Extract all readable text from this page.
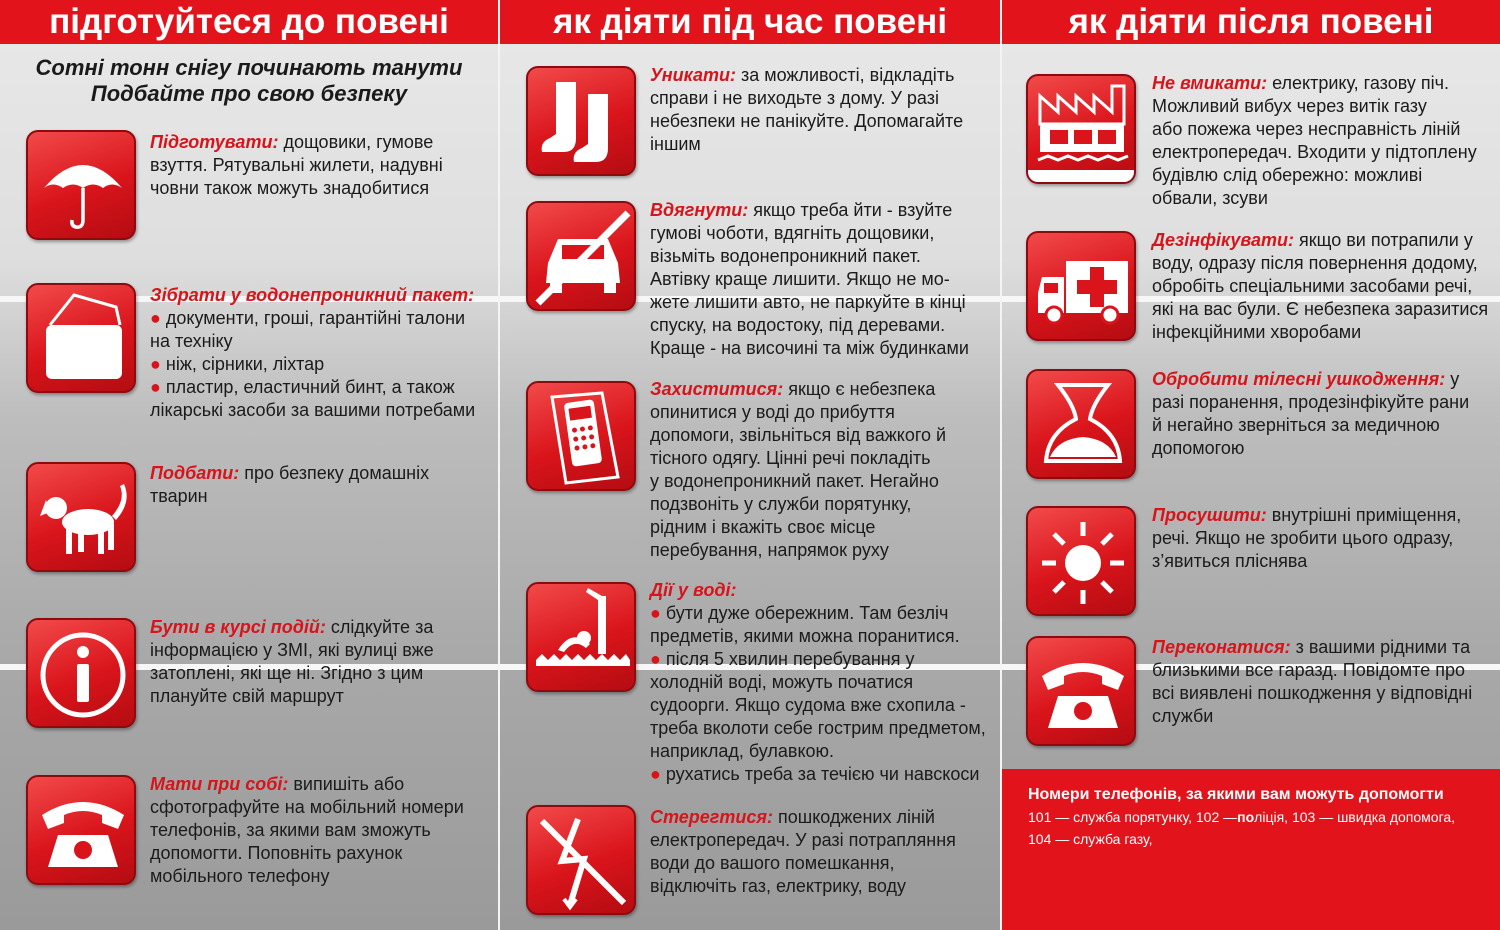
підготуйтеся до повені
Сотні тонн снігу починають танути
Подбайте про свою безпеку
Підготувати: дощовики, гумове
взуття. Рятувальні жилети, надувні
човни також можуть знадобитися
Зібрати у водонепроникний пакет:
● документи, гроші, гарантійні талони
на техніку
● ніж, сірники, ліхтар
● пластир, еластичний бинт, а також
лікарські засоби за вашими потребами
Подбати: про безпеку домашніх
тварин
Бути в курсі подій: слідкуйте за
інформацією у ЗМІ, які вулиці вже
затоплені, які ще ні. Згідно з цим
плануйте свій маршрут
Мати при собі: випишіть або
сфотографуйте на мобільний номери
телефонів, за якими вам зможуть
допомогти. Поповніть рахунок
мобільного телефону
як діяти під час повені
Уникати: за можливості, відкладіть
справи і не виходьте з дому. У разі
небезпеки не панікуйте. Допомагайте
іншим
Вдягнути: якщо треба йти - взуйте
гумові чоботи, вдягніть дощовики,
візьміть водонепроникний пакет.
Автівку краще лишити. Якщо не мо-
жете лишити авто, не паркуйте в кінці
спуску, на водостоку, під деревами.
Краще - на височині та між будинками
Захиститися: якщо є небезпека
опинитися у воді до прибуття
допомоги, звільніться від важкого й
тісного одягу. Цінні речі покладіть
у водонепроникний пакет. Негайно
подзвоніть у служби порятунку,
рідним і вкажіть своє місце
перебування, напрямок руху
Дії у воді:
● бути дуже обережним. Там безліч
предметів, якими можна поранитися.
● після 5 хвилин перебування у
холодній воді, можуть початися
судоорги. Якщо судома вже схопила -
треба вколоти себе гострим предметом,
наприклад, булавкою.
● рухатись треба за течією чи навскоси
Стерегтися: пошкоджених ліній
електропередач. У разі потрапляння
води до вашого помешкання,
відключіть газ, електрику, воду
як діяти після повені
Не вмикати: електрику, газову піч.
Можливий вибух через витік газу
або пожежа через несправність ліній
електропередач. Входити у підтоплену
будівлю слід обережно: можливі
обвали, зсуви
Дезінфікувати: якщо ви потрапили у
воду, одразу після повернення додому,
обробіть спеціальними засобами речі,
які на вас були. Є небезпека заразитися
інфекційними хворобами
Обробити тілесні ушкодження: у
разі поранення, продезінфікуйте рани
й негайно зверніться за медичною
допомогою
Просушити: внутрішні приміщення,
речі. Якщо не зробити цього одразу,
з’явиться пліснява
Переконатися: з вашими рідними та
близькими все гаразд. Повідомте про
всі виявлені пошкодження у відповідні
служби
Номери телефонів, за якими вам можуть допомогти
101 — служба порятунку, 102 —поліція, 103 — швидка допомога,
104 — служба газу,
